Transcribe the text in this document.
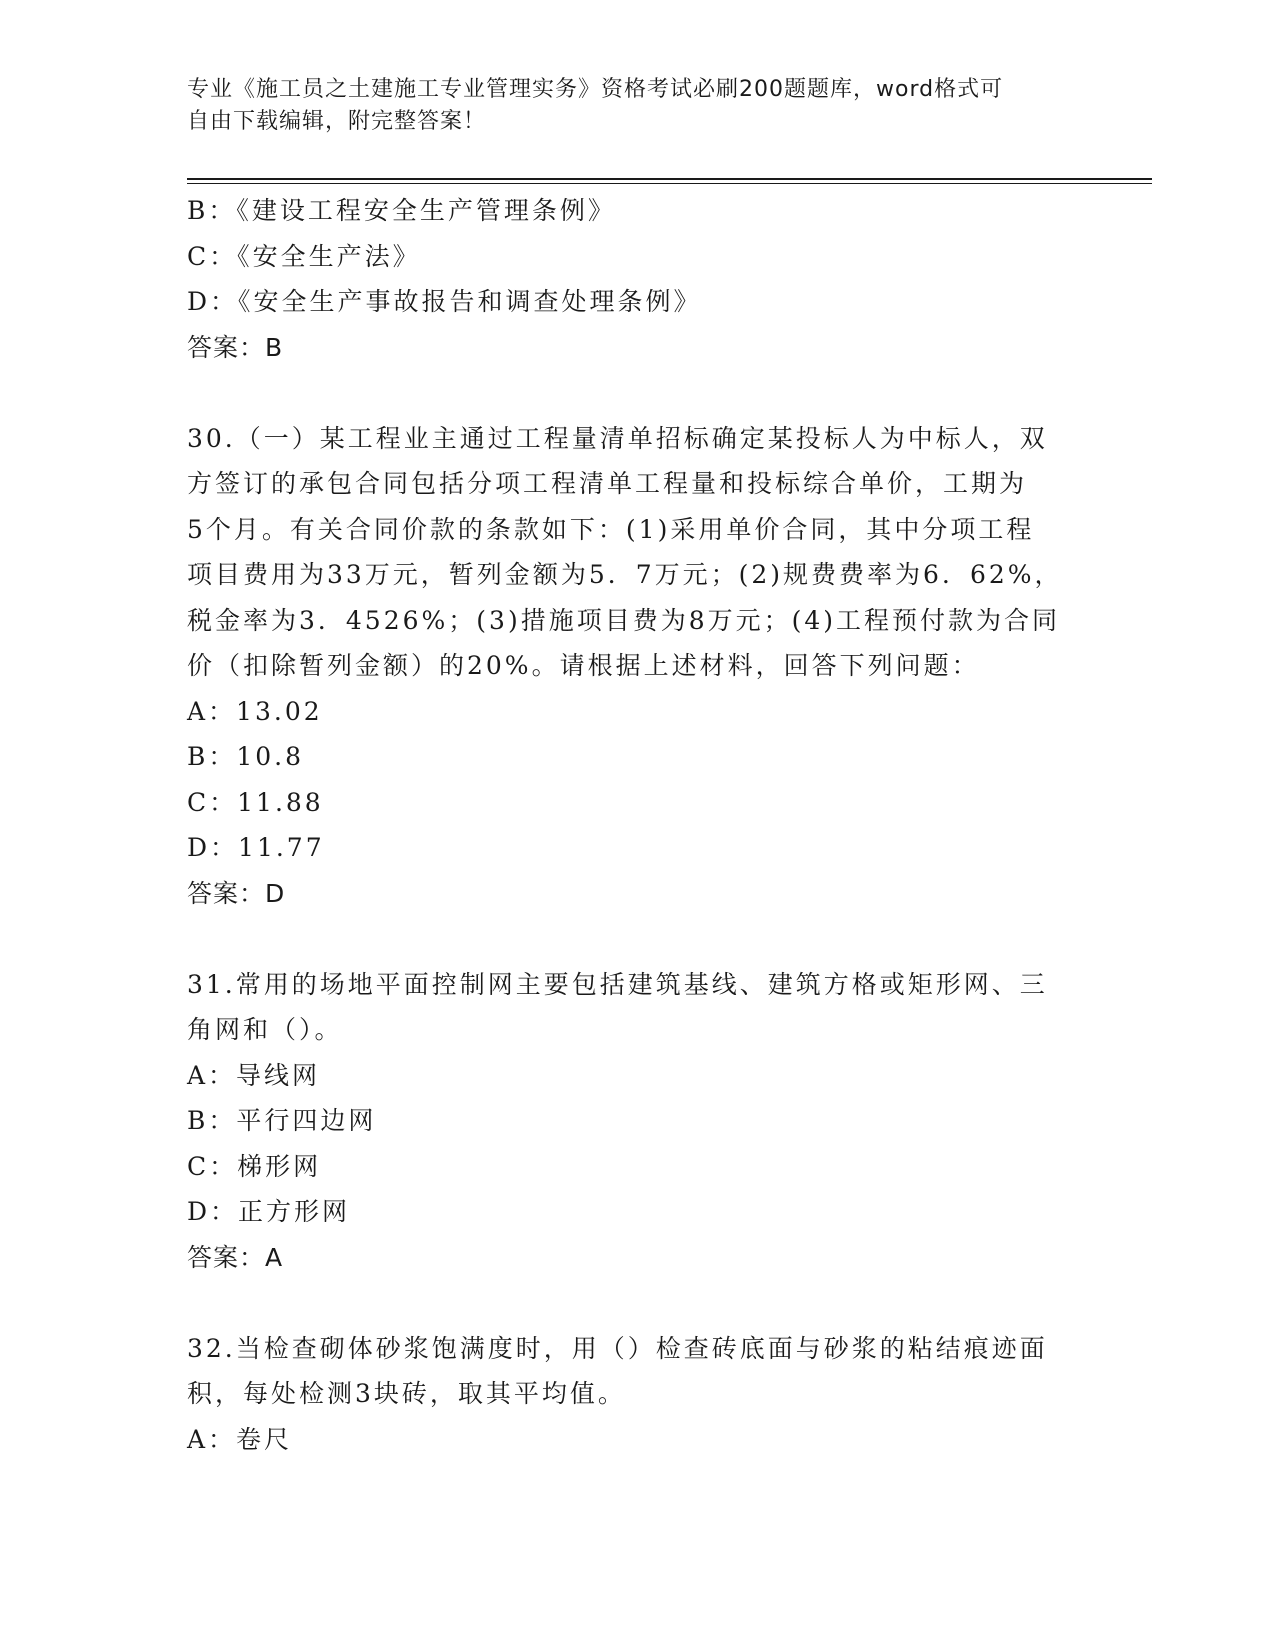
专业《施工员之土建施工专业管理实务》资格考试必刷200题题库，word格式可
自由下载编辑，附完整答案！
B：《建设工程安全生产管理条例》
C：《安全生产法》
D：《安全生产事故报告和调查处理条例》
答案：B
30.（一）某工程业主通过工程量清单招标确定某投标人为中标人，双
方签订的承包合同包括分项工程清单工程量和投标综合单价，工期为
5个月。有关合同价款的条款如下：(1)采用单价合同，其中分项工程
项目费用为33万元，暂列金额为5．7万元；(2)规费费率为6．62%，
税金率为3．4526%；(3)措施项目费为8万元；(4)工程预付款为合同
价（扣除暂列金额）的20%。请根据上述材料，回答下列问题：
A：13.02
B：10.8
C：11.88
D：11.77
答案：D
31.常用的场地平面控制网主要包括建筑基线、建筑方格或矩形网、三
角网和（）。
A：导线网
B：平行四边网
C：梯形网
D：正方形网
答案：A
32.当检查砌体砂浆饱满度时，用（）检查砖底面与砂浆的粘结痕迹面
积，每处检测3块砖，取其平均值。
A：卷尺
